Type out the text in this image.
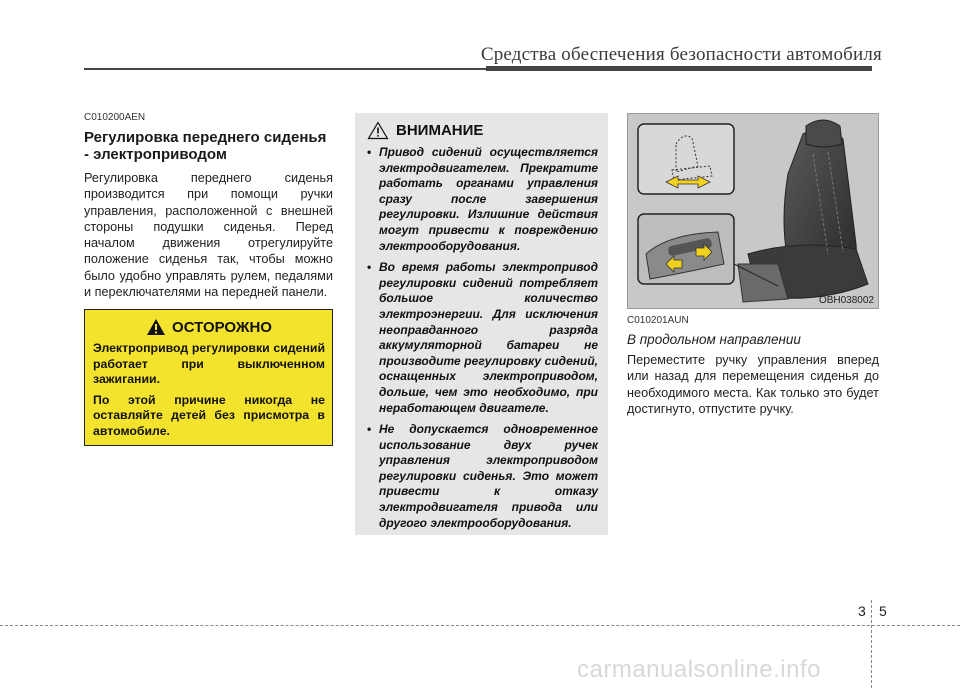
Средства обеспечения безопасности автомобиля

C010200AEN

Регулировка переднего сиденья - электроприводом

Регулировка переднего сиденья производится при помощи ручки управления, расположенной с внешней стороны подушки сиденья. Перед началом движения отрегулируйте положение сиденья так, чтобы можно было удобно управлять рулем, педалями и переключателями на передней панели.

ОСТОРОЖНО

Электропривод регулировки сидений работает при выключенном зажигании.

По этой причине никогда не оставляйте детей без присмотра в автомобиле.

ВНИМАНИЕ
• Привод сидений осуществляется электродвигателем. Прекратите работать органами управления сразу после завершения регулировки. Излишние действия могут привести к повреждению электрооборудования.
• Во время работы электропривод регулировки сидений потребляет большое количество электроэнергии. Для исключения неоправданного разряда аккумуляторной батареи не производите регулировку сидений, оснащенных электроприводом, дольше, чем это необходимо, при неработающем двигателе.
• Не допускается одновременное использование двух ручек управления электроприводом регулировки сиденья. Это может привести к отказу электродвигателя привода или другого электрооборудования.
OBH038002

C010201AUN

В продольном направлении

Переместите ручку управления вперед или назад для перемещения сиденья до необходимого места. Как только это будет достигнуто, отпустите ручку.

3 5
carmanualsonline.info
